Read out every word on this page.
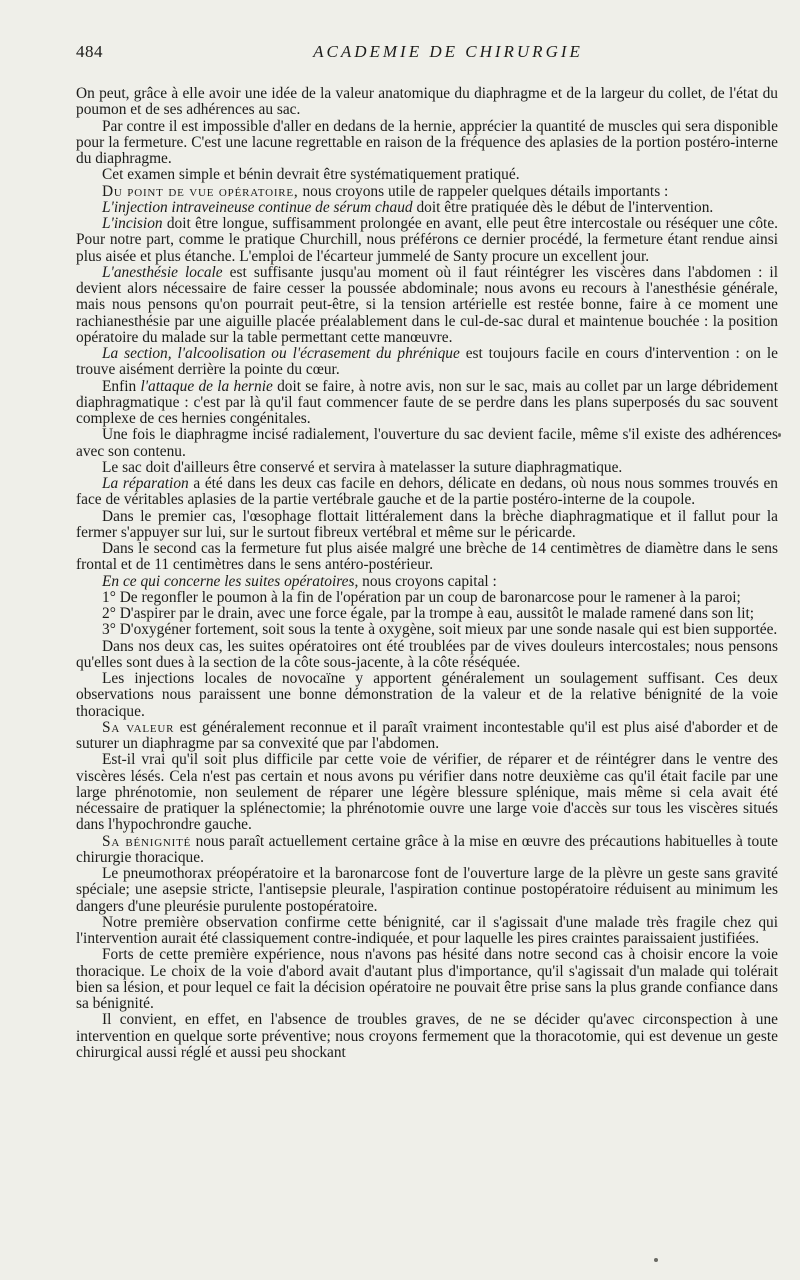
484	ACADEMIE DE CHIRURGIE

On peut, grâce à elle avoir une idée de la valeur anatomique du diaphragme et de la largeur du collet, de l'état du poumon et de ses adhérences au sac.

Par contre il est impossible d'aller en dedans de la hernie, apprécier la quantité de muscles qui sera disponible pour la fermeture. C'est une lacune regrettable en raison de la fréquence des aplasies de la portion postéro-interne du diaphragme.

Cet examen simple et bénin devrait être systématiquement pratiqué.

Du point de vue opératoire, nous croyons utile de rappeler quelques détails importants :

L'injection intraveineuse continue de sérum chaud doit être pratiquée dès le début de l'intervention.

L'incision doit être longue, suffisamment prolongée en avant, elle peut être intercostale ou réséquer une côte. Pour notre part, comme le pratique Churchill, nous préférons ce dernier procédé, la fermeture étant rendue ainsi plus aisée et plus étanche. L'emploi de l'écarteur jummelé de Santy procure un excellent jour.

L'anesthésie locale est suffisante jusqu'au moment où il faut réintégrer les viscères dans l'abdomen : il devient alors nécessaire de faire cesser la poussée abdominale; nous avons eu recours à l'anesthésie générale, mais nous pensons qu'on pourrait peut-être, si la tension artérielle est restée bonne, faire à ce moment une rachianesthésie par une aiguille placée préalablement dans le cul-de-sac dural et maintenue bouchée : la position opératoire du malade sur la table permettant cette manœuvre.

La section, l'alcoolisation ou l'écrasement du phrénique est toujours facile en cours d'intervention : on le trouve aisément derrière la pointe du cœur.

Enfin l'attaque de la hernie doit se faire, à notre avis, non sur le sac, mais au collet par un large débridement diaphragmatique : c'est par là qu'il faut commencer faute de se perdre dans les plans superposés du sac souvent complexe de ces hernies congénitales.

Une fois le diaphragme incisé radialement, l'ouverture du sac devient facile, même s'il existe des adhérences avec son contenu.

Le sac doit d'ailleurs être conservé et servira à matelasser la suture diaphragmatique.

La réparation a été dans les deux cas facile en dehors, délicate en dedans, où nous nous sommes trouvés en face de véritables aplasies de la partie vertébrale gauche et de la partie postéro-interne de la coupole.

Dans le premier cas, l'œsophage flottait littéralement dans la brèche diaphragmatique et il fallut pour la fermer s'appuyer sur lui, sur le surtout fibreux vertébral et même sur le péricarde.

Dans le second cas la fermeture fut plus aisée malgré une brèche de 14 centimètres de diamètre dans le sens frontal et de 11 centimètres dans le sens antéro-postérieur.

En ce qui concerne les suites opératoires, nous croyons capital :

1° De regonfler le poumon à la fin de l'opération par un coup de baronarcose pour le ramener à la paroi;

2° D'aspirer par le drain, avec une force égale, par la trompe à eau, aussitôt le malade ramené dans son lit;

3° D'oxygéner fortement, soit sous la tente à oxygène, soit mieux par une sonde nasale qui est bien supportée.

Dans nos deux cas, les suites opératoires ont été troublées par de vives douleurs intercostales; nous pensons qu'elles sont dues à la section de la côte sous-jacente, à la côte réséquée.

Les injections locales de novocaïne y apportent généralement un soulagement suffisant. Ces deux observations nous paraissent une bonne démonstration de la valeur et de la relative bénignité de la voie thoracique.

Sa valeur est généralement reconnue et il paraît vraiment incontestable qu'il est plus aisé d'aborder et de suturer un diaphragme par sa convexité que par l'abdomen.

Est-il vrai qu'il soit plus difficile par cette voie de vérifier, de réparer et de réintégrer dans le ventre des viscères lésés. Cela n'est pas certain et nous avons pu vérifier dans notre deuxième cas qu'il était facile par une large phrénotomie, non seulement de réparer une légère blessure splénique, mais même si cela avait été nécessaire de pratiquer la splénectomie; la phrénotomie ouvre une large voie d'accès sur tous les viscères situés dans l'hypochrondre gauche.

Sa bénignité nous paraît actuellement certaine grâce à la mise en œuvre des précautions habituelles à toute chirurgie thoracique.

Le pneumothorax préopératoire et la baronarcose font de l'ouverture large de la plèvre un geste sans gravité spéciale; une asepsie stricte, l'antisepsie pleurale, l'aspiration continue postopératoire réduisent au minimum les dangers d'une pleurésie purulente postopératoire.

Notre première observation confirme cette bénignité, car il s'agissait d'une malade très fragile chez qui l'intervention aurait été classiquement contre-indiquée, et pour laquelle les pires craintes paraissaient justifiées.

Forts de cette première expérience, nous n'avons pas hésité dans notre second cas à choisir encore la voie thoracique. Le choix de la voie d'abord avait d'autant plus d'importance, qu'il s'agissait d'un malade qui tolérait bien sa lésion, et pour lequel ce fait la décision opératoire ne pouvait être prise sans la plus grande confiance dans sa bénignité.

Il convient, en effet, en l'absence de troubles graves, de ne se décider qu'avec circonspection à une intervention en quelque sorte préventive; nous croyons fermement que la thoracotomie, qui est devenue un geste chirurgical aussi réglé et aussi peu shockant
